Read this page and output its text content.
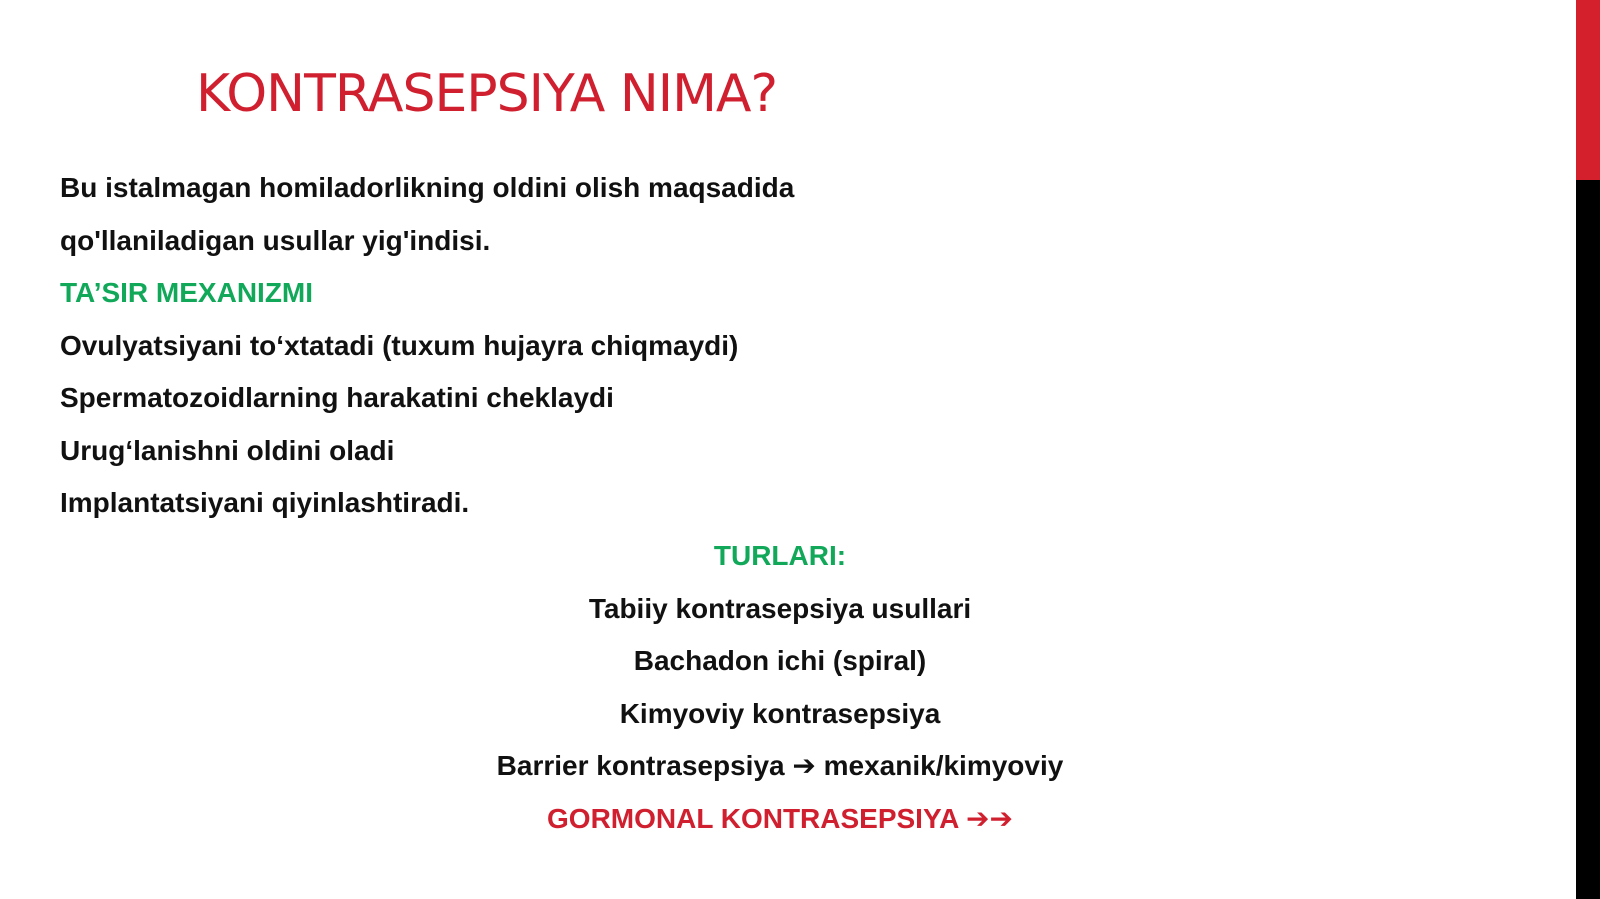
KONTRASEPSIYA NIMA?
Bu istalmagan homiladorlikning oldini olish maqsadida
qo'llaniladigan usullar yig'indisi.
TA’SIR MEXANIZMI
Ovulyatsiyani to‘xtatadi (tuxum hujayra chiqmaydi)
Spermatozoidlarning harakatini cheklaydi
Urug‘lanishni oldini oladi
Implantatsiyani qiyinlashtiradi.
TURLARI:
Tabiiy kontrasepsiya usullari
Bachadon ichi (spiral)
Kimyoviy kontrasepsiya
Barrier kontrasepsiya ➔ mexanik/kimyoviy
GORMONAL KONTRASEPSIYA ➔➔
